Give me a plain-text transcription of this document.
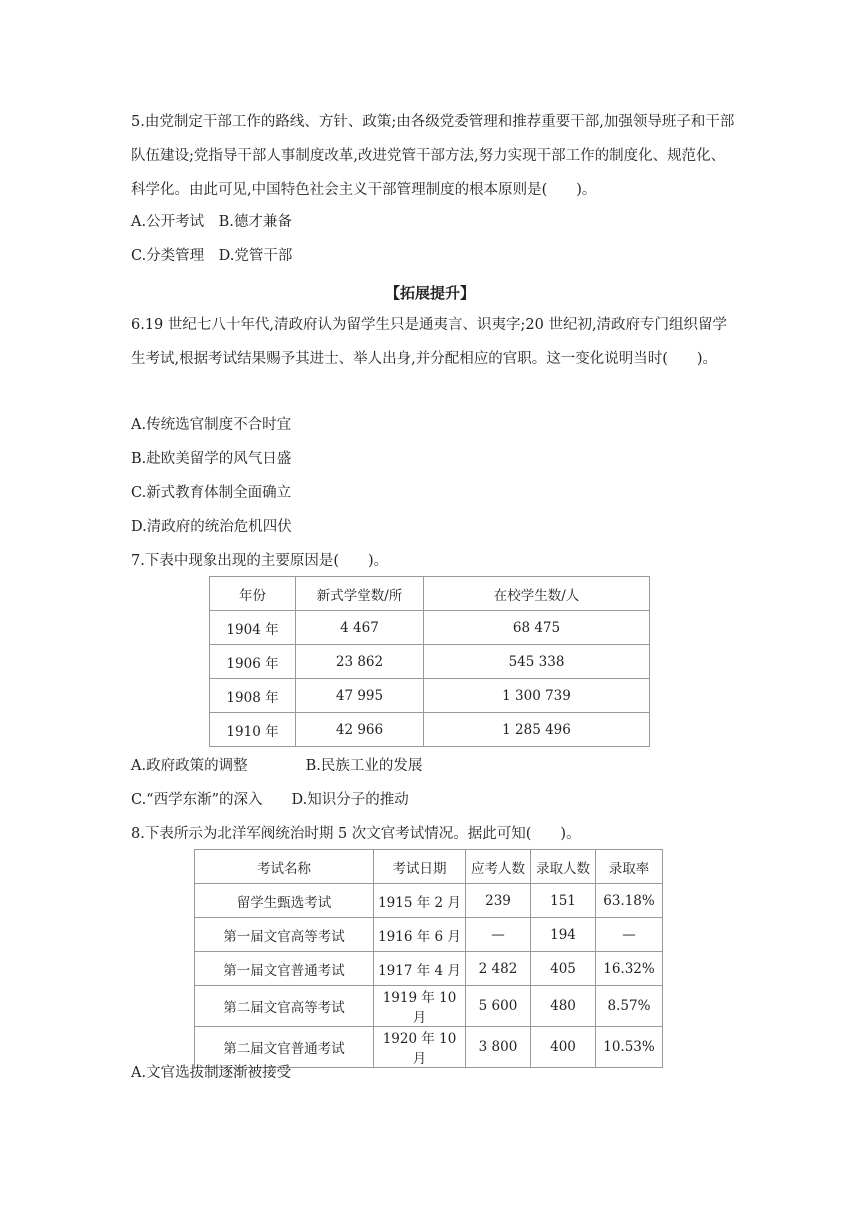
5.由党制定干部工作的路线、方针、政策;由各级党委管理和推荐重要干部,加强领导班子和干部队伍建设;党指导干部人事制度改革,改进党管干部方法,努力实现干部工作的制度化、规范化、科学化。由此可见,中国特色社会主义干部管理制度的根本原则是(　　)。

A.公开考试　B.德才兼备
C.分类管理　D.党管干部
【拓展提升】

6.19 世纪七八十年代,清政府认为留学生只是通夷言、识夷字;20 世纪初,清政府专门组织留学生考试,根据考试结果赐予其进士、举人出身,并分配相应的官职。这一变化说明当时(　　)。

A.传统选官制度不合时宜
B.赴欧美留学的风气日盛
C.新式教育体制全面确立
D.清政府的统治危机四伏
7.下表中现象出现的主要原因是(　　)。
年份	新式学堂数/所	在校学生数/人
1904 年	4 467	68 475
1906 年	23 862	545 338
1908 年	47 995	1 300 739
1910 年	42 966	1 285 496
A.政府政策的调整　　　　B.民族工业的发展
C.“西学东渐”的深入　　D.知识分子的推动
8.下表所示为北洋军阀统治时期 5 次文官考试情况。据此可知(　　)。
考试名称	考试日期	应考人数	录取人数	录取率
留学生甄选考试	1915 年 2 月	239	151	63.18%
第一届文官高等考试	1916 年 6 月	—	194	—
第一届文官普通考试	1917 年 4 月	2 482	405	16.32%
第二届文官高等考试	1919 年 10 月	5 600	480	8.57%
第二届文官普通考试	1920 年 10 月	3 800	400	10.53%
A.文官选拔制逐渐被接受
